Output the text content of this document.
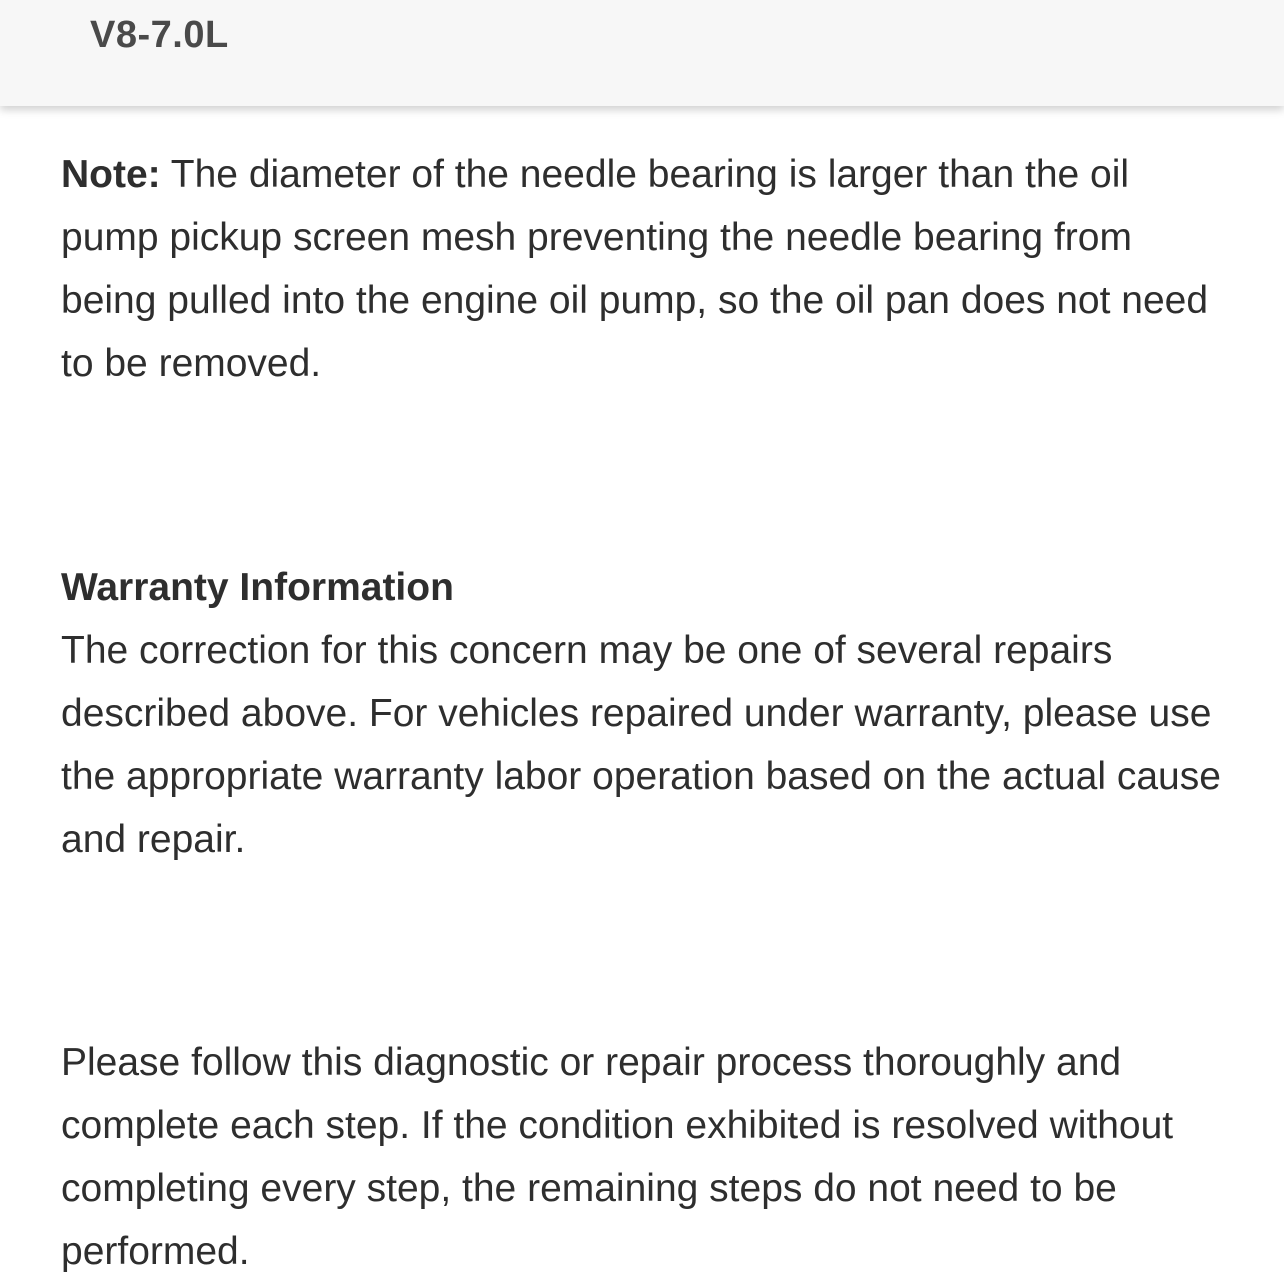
V8-7.0L

Note: The diameter of the needle bearing is larger than the oil pump pickup screen mesh preventing the needle bearing from being pulled into the engine oil pump, so the oil pan does not need to be removed.

Warranty Information
The correction for this concern may be one of several repairs described above. For vehicles repaired under warranty, please use the appropriate warranty labor operation based on the actual cause and repair.

Please follow this diagnostic or repair process thoroughly and complete each step. If the condition exhibited is resolved without completing every step, the remaining steps do not need to be performed.
